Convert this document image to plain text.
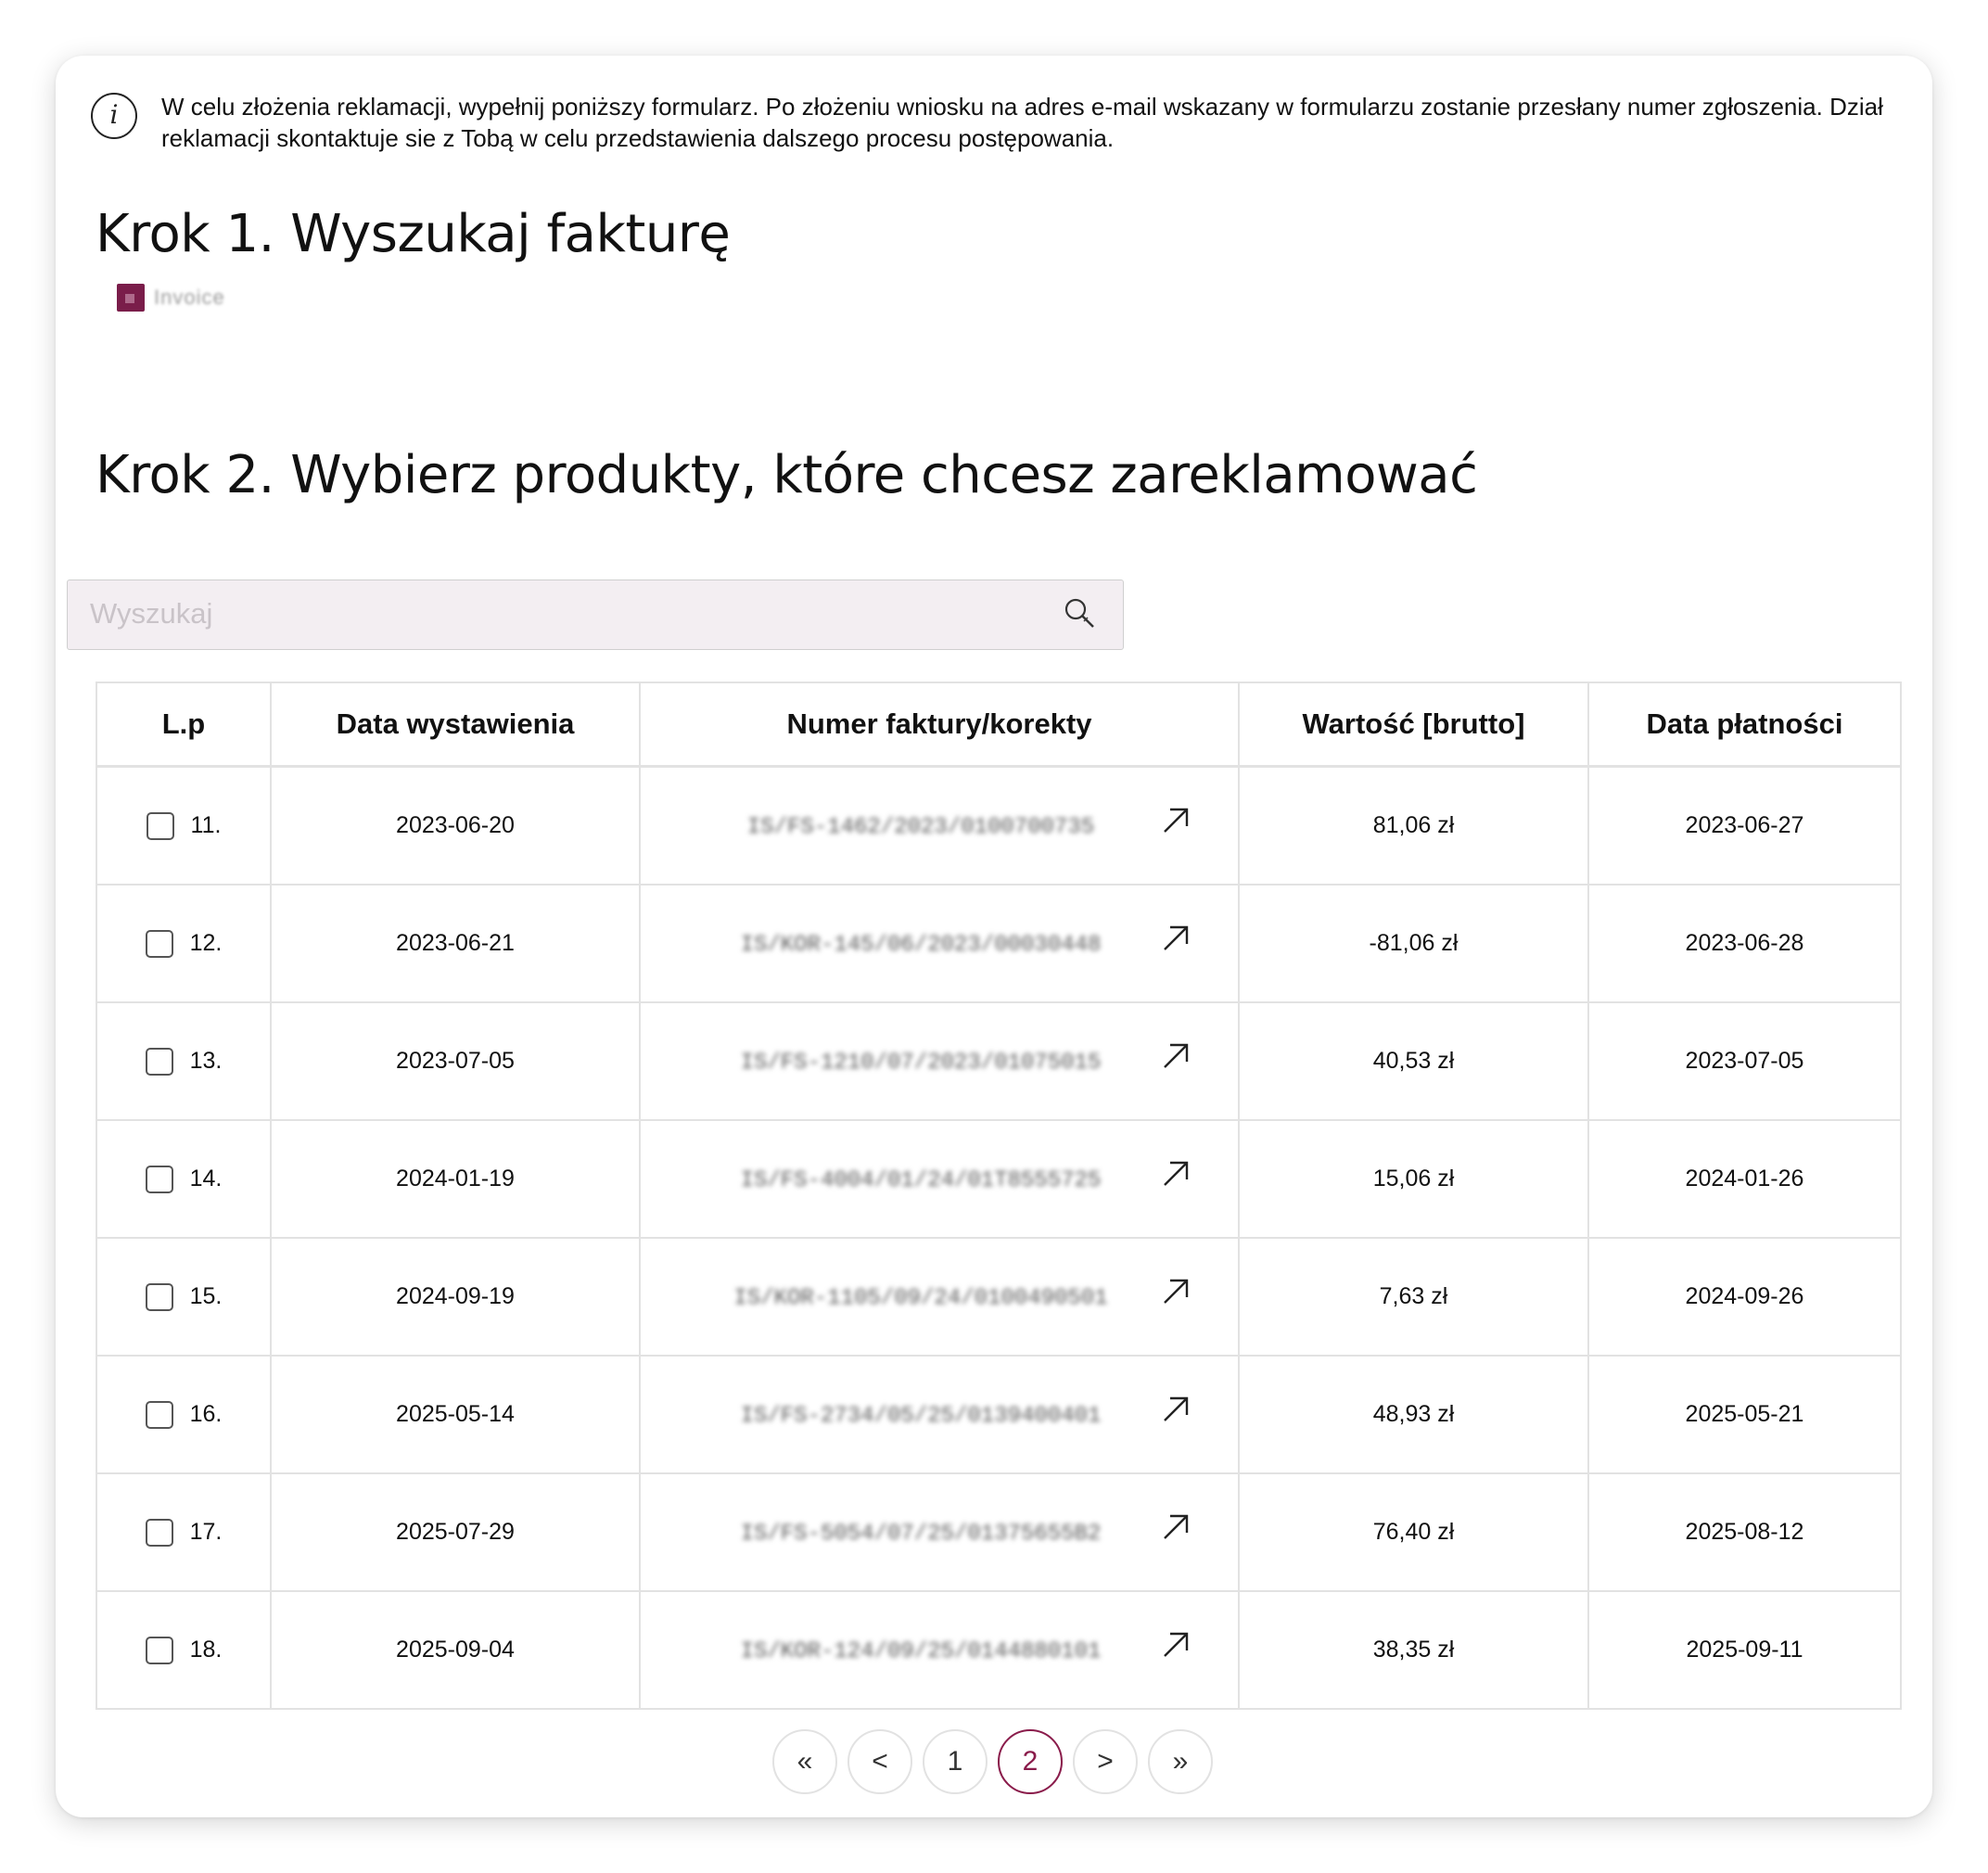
i	W celu złożenia reklamacji, wypełnij poniższy formularz. Po złożeniu wniosku na adres e-mail wskazany w formularzu zostanie przesłany numer zgłoszenia. Dział reklamacji skontaktuje sie z Tobą w celu przedstawienia dalszego procesu postępowania.
Krok 1. Wyszukaj fakturę
Invoice
Krok 2. Wybierz produkty, które chcesz zareklamować
Wyszukaj
L.p	Data wystawienia	Numer faktury/korekty	Wartość [brutto]	Data płatności

11.	2023-06-20	IS/FS-1462/2023/0100700735	81,06 zł	2023-06-27

12.	2023-06-21	IS/KOR-145/06/2023/00030448	-81,06 zł	2023-06-28

13.	2023-07-05	IS/FS-1210/07/2023/01075015	40,53 zł	2023-07-05

14.	2024-01-19	IS/FS-4004/01/24/01T8555725	15,06 zł	2024-01-26

15.	2024-09-19	IS/KOR-1105/09/24/0100490501	7,63 zł	2024-09-26

16.	2025-05-14	IS/FS-2734/05/25/0139400401	48,93 zł	2025-05-21

17.	2025-07-29	IS/FS-5054/07/25/01375655B2	76,40 zł	2025-08-12

18.	2025-09-04	IS/KOR-124/09/25/0144880101	38,35 zł	2025-09-11
«	<	1	2	>	»
